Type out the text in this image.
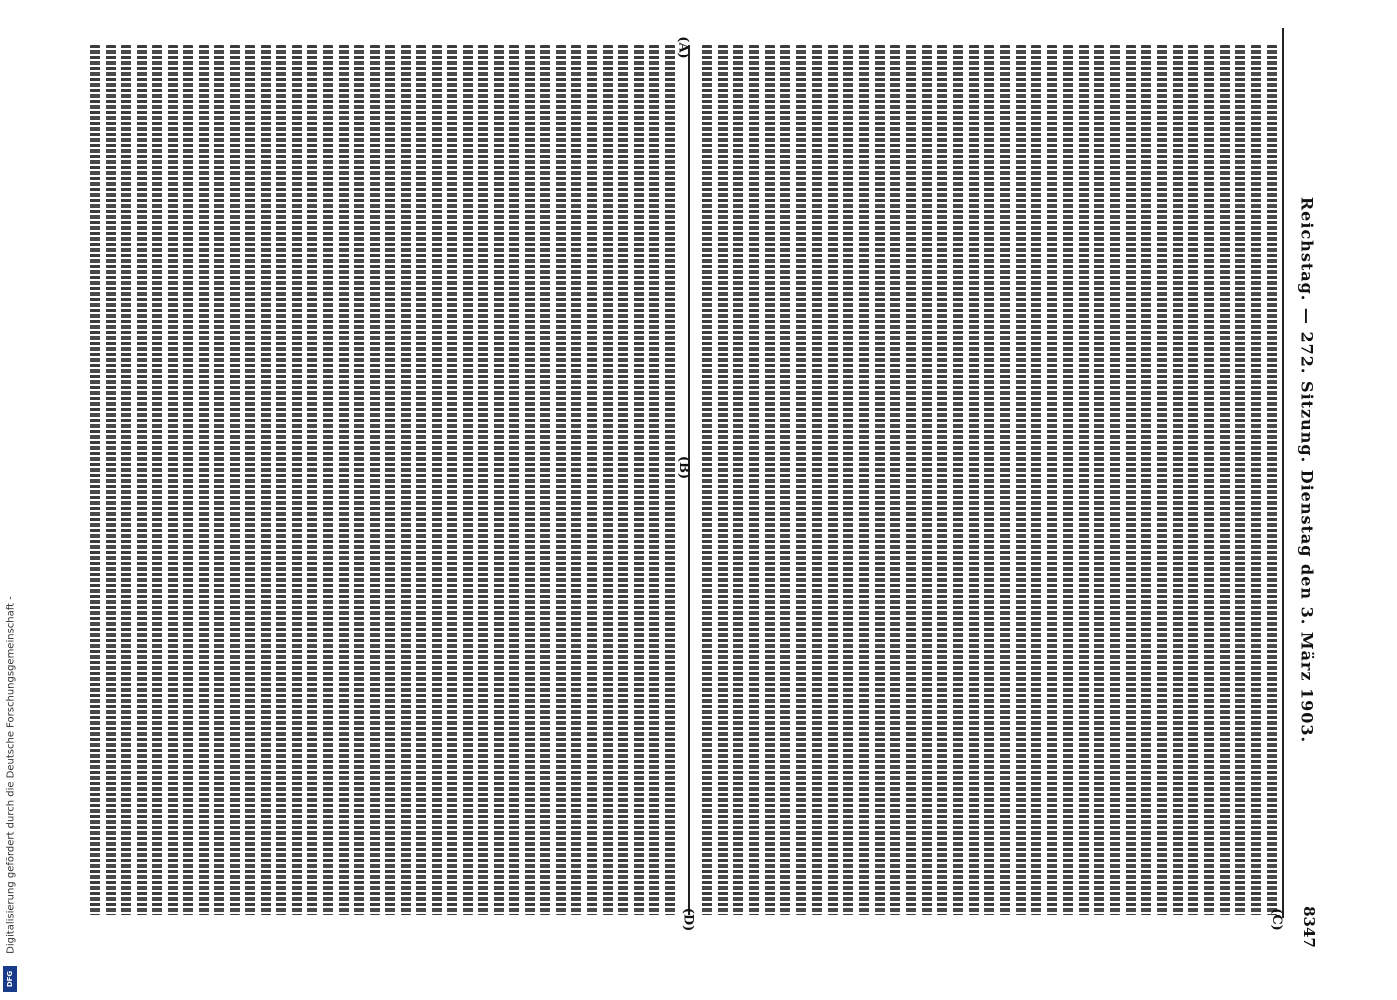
Reichstag. — 272. Sitzung. Dienstag den 3. März 1903.
8347
(A)
(B)
(C)
(D)
Digitalisierung gefördert durch die Deutsche Forschungsgemeinschaft -
DFG
